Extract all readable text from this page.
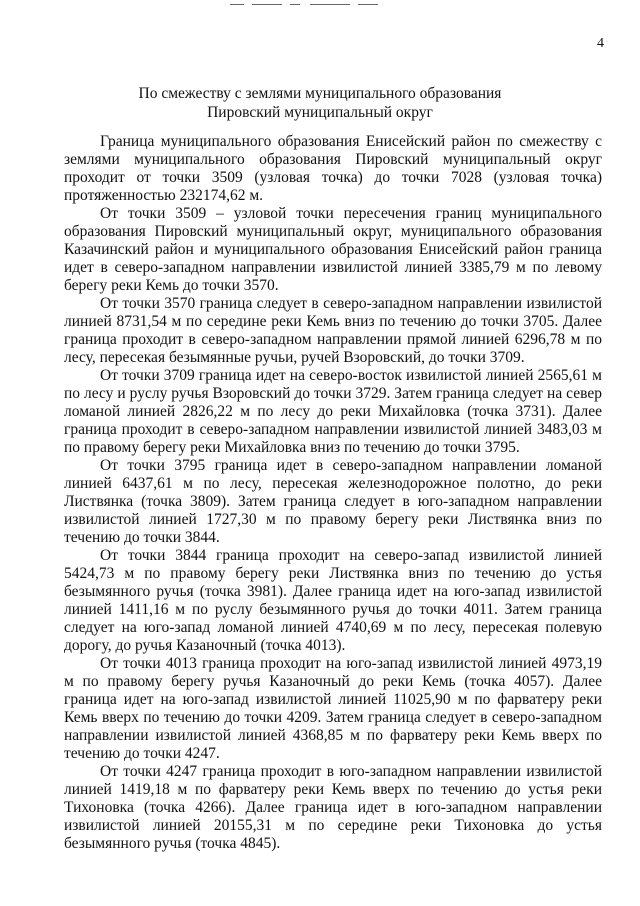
4
По смежеству с землями муниципального образования
Пировский муниципальный округ

Граница муниципального образования Енисейский район по смежеству с землями муниципального образования Пировский муниципальный округ проходит от точки 3509 (узловая точка) до точки 7028 (узловая точка) протяженностью 232174,62 м.

От точки 3509 – узловой точки пересечения границ муниципального образования Пировский муниципальный округ, муниципального образования Казачинский район и муниципального образования Енисейский район граница идет в северо-западном направлении извилистой линией 3385,79 м по левому берегу реки Кемь до точки 3570.

От точки 3570 граница следует в северо-западном направлении извилистой линией 8731,54 м по середине реки Кемь вниз по течению до точки 3705. Далее граница проходит в северо-западном направлении прямой линией 6296,78 м по лесу, пересекая безымянные ручьи, ручей Взоровский, до точки 3709.

От точки 3709 граница идет на северо-восток извилистой линией 2565,61 м по лесу и руслу ручья Взоровский до точки 3729. Затем граница следует на север ломаной линией 2826,22 м по лесу до реки Михайловка (точка 3731). Далее граница проходит в северо-западном направлении извилистой линией 3483,03 м по правому берегу реки Михайловка вниз по течению до точки 3795.

От точки 3795 граница идет в северо-западном направлении ломаной линией 6437,61 м по лесу, пересекая железнодорожное полотно, до реки Листвянка (точка 3809). Затем граница следует в юго-западном направлении извилистой линией 1727,30 м по правому берегу реки Листвянка вниз по течению до точки 3844.

От точки 3844 граница проходит на северо-запад извилистой линией 5424,73 м по правому берегу реки Листвянка вниз по течению до устья безымянного ручья (точка 3981). Далее граница идет на юго-запад извилистой линией 1411,16 м по руслу безымянного ручья до точки 4011. Затем граница следует на юго-запад ломаной линией 4740,69 м по лесу, пересекая полевую дорогу, до ручья Казаночный (точка 4013).

От точки 4013 граница проходит на юго-запад извилистой линией 4973,19 м по правому берегу ручья Казаночный до реки Кемь (точка 4057). Далее граница идет на юго-запад извилистой линией 11025,90 м по фарватеру реки Кемь вверх по течению до точки 4209. Затем граница следует в северо-западном направлении извилистой линией 4368,85 м по фарватеру реки Кемь вверх по течению до точки 4247.

От точки 4247 граница проходит в юго-западном направлении извилистой линией 1419,18 м по фарватеру реки Кемь вверх по течению до устья реки Тихоновка (точка 4266). Далее граница идет в юго-западном направлении извилистой линией 20155,31 м по середине реки Тихоновка до устья безымянного ручья (точка 4845).
